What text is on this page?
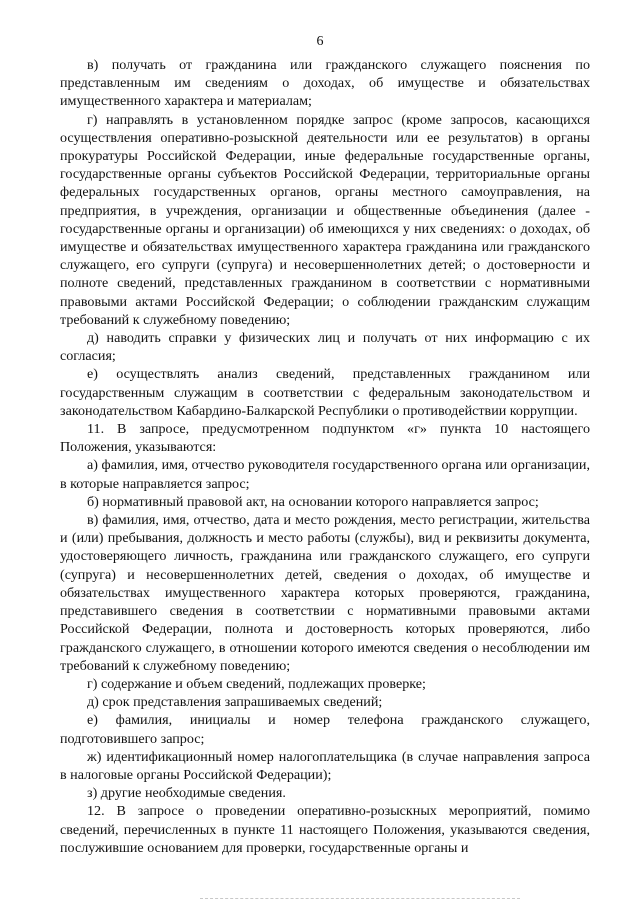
6

в) получать от гражданина или гражданского служащего пояснения по представленным им сведениям о доходах, об имуществе и обязательствах имущественного характера и материалам;

г) направлять в установленном порядке запрос (кроме запросов, касающихся осуществления оперативно-розыскной деятельности или ее результатов) в органы прокуратуры Российской Федерации, иные федеральные государственные органы, государственные органы субъектов Российской Федерации, территориальные органы федеральных государственных органов, органы местного самоуправления, на предприятия, в учреждения, организации и общественные объединения (далее - государственные органы и организации) об имеющихся у них сведениях: о доходах, об имуществе и обязательствах имущественного характера гражданина или гражданского служащего, его супруги (супруга) и несовершеннолетних детей; о достоверности и полноте сведений, представленных гражданином в соответствии с нормативными правовыми актами Российской Федерации; о соблюдении гражданским служащим требований к служебному поведению;

д) наводить справки у физических лиц и получать от них информацию с их согласия;

е) осуществлять анализ сведений, представленных гражданином или государственным служащим в соответствии с федеральным законодательством и законодательством Кабардино-Балкарской Республики о противодействии коррупции.

11. В запросе, предусмотренном подпунктом «г» пункта 10 настоящего Положения, указываются:

а) фамилия, имя, отчество руководителя государственного органа или организации, в которые направляется запрос;

б) нормативный правовой акт, на основании которого направляется запрос;

в) фамилия, имя, отчество, дата и место рождения, место регистрации, жительства и (или) пребывания, должность и место работы (службы), вид и реквизиты документа, удостоверяющего личность, гражданина или гражданского служащего, его супруги (супруга) и несовершеннолетних детей, сведения о доходах, об имуществе и обязательствах имущественного характера которых проверяются, гражданина, представившего сведения в соответствии с нормативными правовыми актами Российской Федерации, полнота и достоверность которых проверяются, либо гражданского служащего, в отношении которого имеются сведения о несоблюдении им требований к служебному поведению;

г) содержание и объем сведений, подлежащих проверке;

д) срок представления запрашиваемых сведений;

е) фамилия, инициалы и номер телефона гражданского служащего, подготовившего запрос;

ж) идентификационный номер налогоплательщика (в случае направления запроса в налоговые органы Российской Федерации);

з) другие необходимые сведения.

12. В запросе о проведении оперативно-розыскных мероприятий, помимо сведений, перечисленных в пункте 11 настоящего Положения, указываются сведения, послужившие основанием для проверки, государственные органы и
